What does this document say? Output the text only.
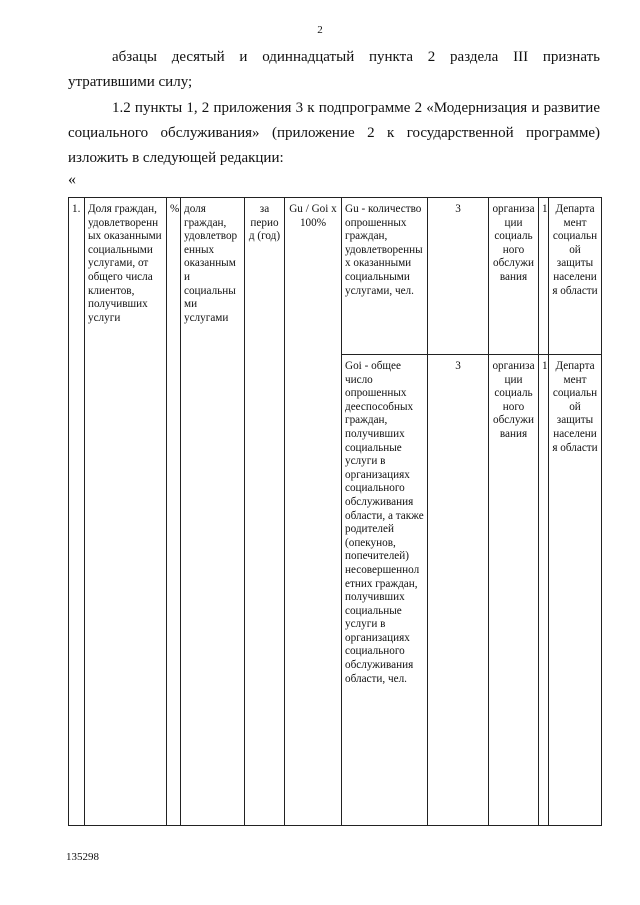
2
абзацы десятый и одиннадцатый пункта 2 раздела III признать утратившими силу;
1.2 пункты 1, 2 приложения 3 к подпрограмме 2 «Модернизация и развитие социального обслуживания» (приложение 2 к государственной программе) изложить в следующей редакции:
«
1.	Доля граждан, удовлетворенных оказанными социальными услугами, от общего числа клиентов, получивших услуги	%	доля граждан, удовлетворенных оказанными социальными услугами	за период (год)	Gu / Goi x 100%	Gu - количество опрошенных граждан, удовлетворенных оказанными социальными услугами, чел.	3	организации социального обслуживания	1	Департамент социальной защиты населения области
						Goi - общее число опрошенных дееспособных граждан, получивших социальные услуги в организациях социального обслуживания области, а также родителей (опекунов, попечителей) несовершеннолетних граждан, получивших социальные услуги в организациях социального обслуживания области, чел.	3	организации социального обслуживания	1	Департамент социальной защиты населения области
135298
